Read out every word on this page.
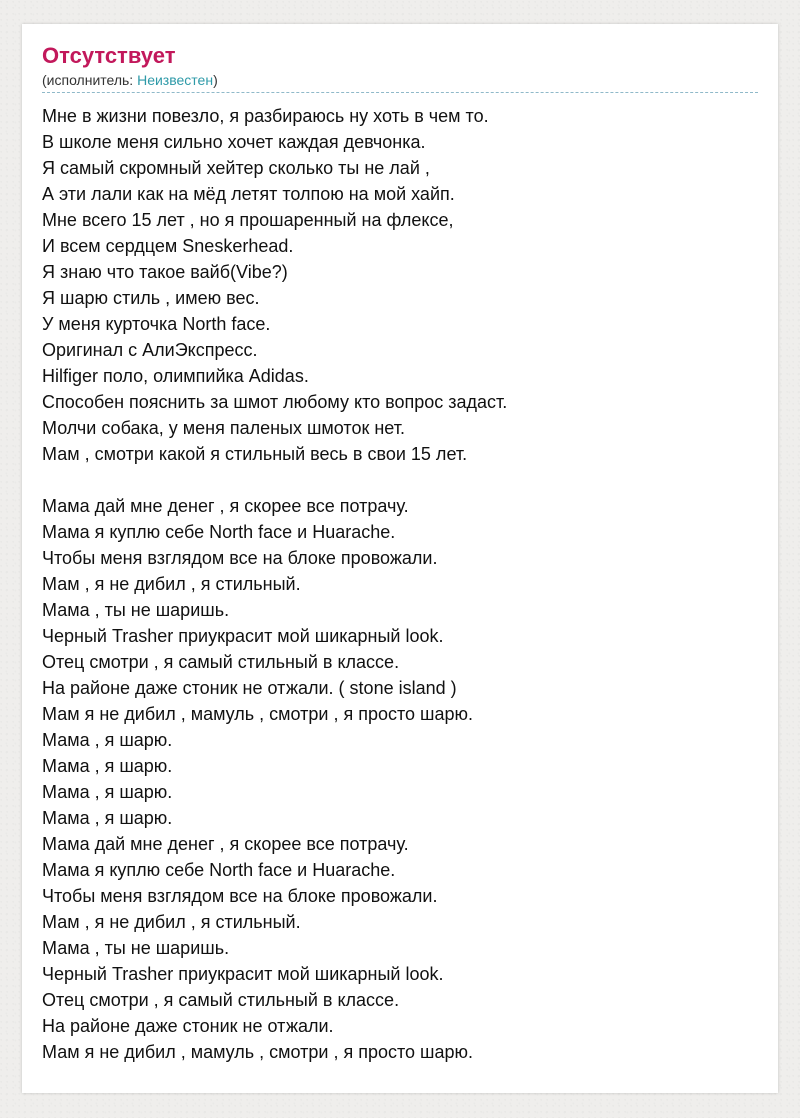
Отсутствует
(исполнитель: Неизвестен)
Мне в жизни повезло, я разбираюсь ну хоть в чем то.
В школе меня сильно хочет каждая девчонка.
Я самый скромный хейтер сколько ты не лай ,
А эти лали как на мёд летят толпою на мой хайп.
Мне всего 15 лет , но я прошаренный на флексе,
И всем сердцем Sneskerhead.
Я знаю что такое вайб(Vibe?)
Я шарю стиль , имею вес.
У меня курточка North face.
Оригинал с АлиЭкспресс.
Hilfiger поло, олимпийка Adidas.
Способен пояснить за шмот любому кто вопрос задаст.
Молчи собака, у меня паленых шмоток нет.
Мам , смотри какой я стильный весь в свои 15 лет.
Мама дай мне денег , я скорее все потрачу.
Мама я куплю себе North face и Huarache.
Чтобы меня взглядом все на блоке провожали.
Мам , я не дибил , я стильный.
Мама , ты не шаришь.
Черный Trasher приукрасит мой шикарный look.
Отец смотри , я самый стильный в классе.
На районе даже стоник не отжали. ( stone island )
Мам я не дибил , мамуль , смотри , я просто шарю.
Мама , я шарю.
Мама , я шарю.
Мама , я шарю.
Мама , я шарю.
Мама дай мне денег , я скорее все потрачу.
Мама я куплю себе North face и Huarache.
Чтобы меня взглядом все на блоке провожали.
Мам , я не дибил , я стильный.
Мама , ты не шаришь.
Черный Trasher приукрасит мой шикарный look.
Отец смотри , я самый стильный в классе.
На районе даже стоник не отжали.
Мам я не дибил , мамуль , смотри , я просто шарю.
